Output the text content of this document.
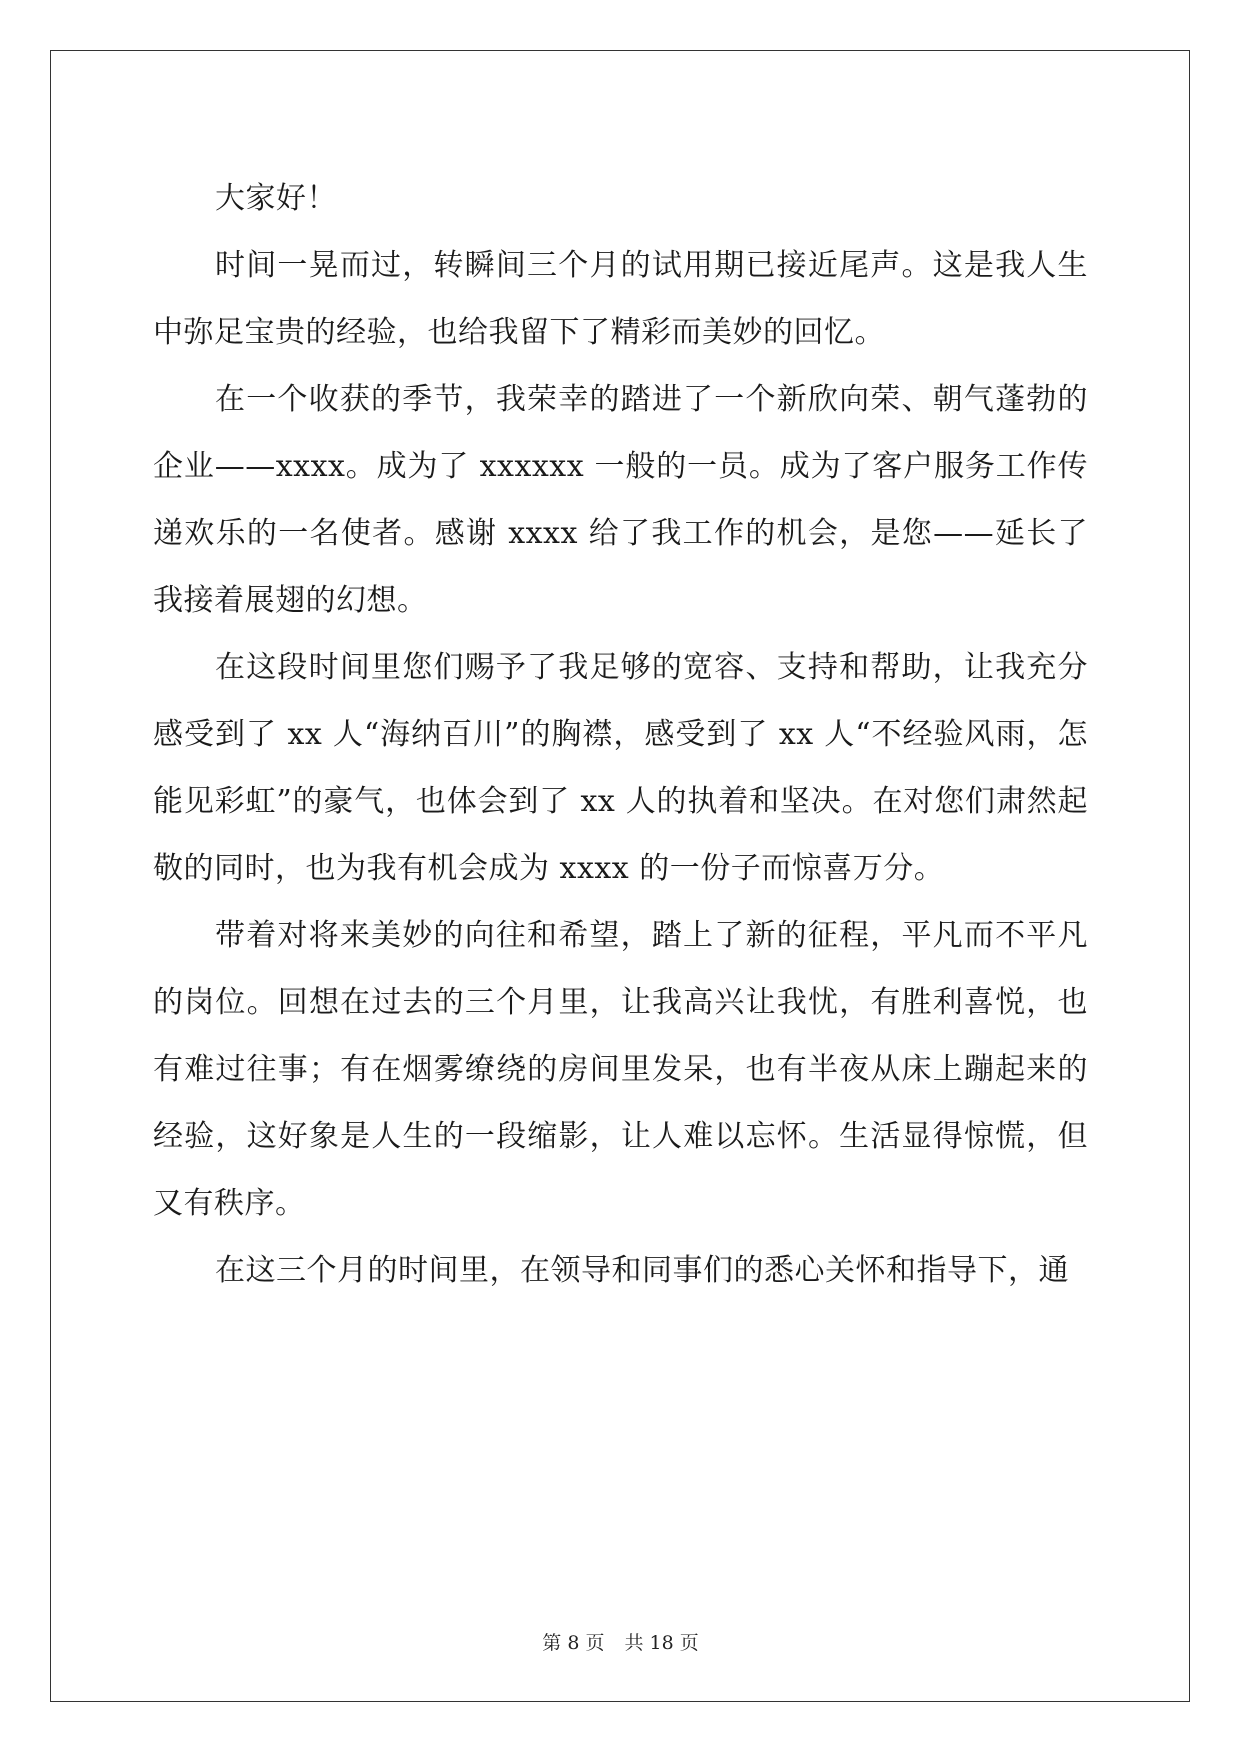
大家好！

时间一晃而过，转瞬间三个月的试用期已接近尾声。这是我人生中弥足宝贵的经验，也给我留下了精彩而美妙的回忆。

在一个收获的季节，我荣幸的踏进了一个新欣向荣、朝气蓬勃的企业——xxxx。成为了 xxxxxx 一般的一员。成为了客户服务工作传递欢乐的一名使者。感谢 xxxx 给了我工作的机会，是您——延长了我接着展翅的幻想。

在这段时间里您们赐予了我足够的宽容、支持和帮助，让我充分感受到了 xx 人“海纳百川”的胸襟，感受到了 xx 人“不经验风雨，怎能见彩虹”的豪气，也体会到了 xx 人的执着和坚决。在对您们肃然起敬的同时，也为我有机会成为 xxxx 的一份子而惊喜万分。

带着对将来美妙的向往和希望，踏上了新的征程，平凡而不平凡的岗位。回想在过去的三个月里，让我高兴让我忧，有胜利喜悦，也有难过往事；有在烟雾缭绕的房间里发呆，也有半夜从床上蹦起来的经验，这好象是人生的一段缩影，让人难以忘怀。生活显得惊慌，但又有秩序。

在这三个月的时间里，在领导和同事们的悉心关怀和指导下，通

第 8 页 共 18 页
